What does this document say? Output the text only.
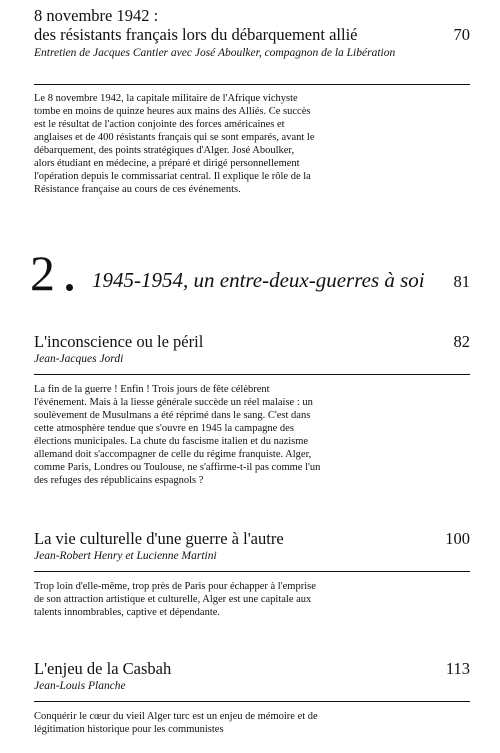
8 novembre 1942 :
des résistants français lors du débarquement allié	70
Entretien de Jacques Cantier avec José Aboulker, compagnon de la Libération
Le 8 novembre 1942, la capitale militaire de l'Afrique vichyste tombe en moins de quinze heures aux mains des Alliés. Ce succès est le résultat de l'action conjointe des forces américaines et anglaises et de 400 résistants français qui se sont emparés, avant le débarquement, des points stratégiques d'Alger. José Aboulker, alors étudiant en médecine, a préparé et dirigé personnellement l'opération depuis le commissariat central. Il explique le rôle de la Résistance française au cours de ces événements.
2 1945-1954, un entre-deux-guerres à soi	81
L'inconscience ou le péril	82
Jean-Jacques Jordi
La fin de la guerre ! Enfin ! Trois jours de fête célèbrent l'événement. Mais à la liesse générale succède un réel malaise : un soulèvement de Musulmans a été réprimé dans le sang. C'est dans cette atmosphère tendue que s'ouvre en 1945 la campagne des élections municipales. La chute du fascisme italien et du nazisme allemand doit s'accompagner de celle du régime franquiste. Alger, comme Paris, Londres ou Toulouse, ne s'affirme-t-il pas comme l'un des refuges des républicains espagnols ?
La vie culturelle d'une guerre à l'autre	100
Jean-Robert Henry et Lucienne Martini
Trop loin d'elle-même, trop près de Paris pour échapper à l'emprise de son attraction artistique et culturelle, Alger est une capitale aux talents innombrables, captive et dépendante.
L'enjeu de la Casbah	113
Jean-Louis Planche
Conquérir le cœur du vieil Alger turc est un enjeu de mémoire et de légitimation historique pour les communistes
